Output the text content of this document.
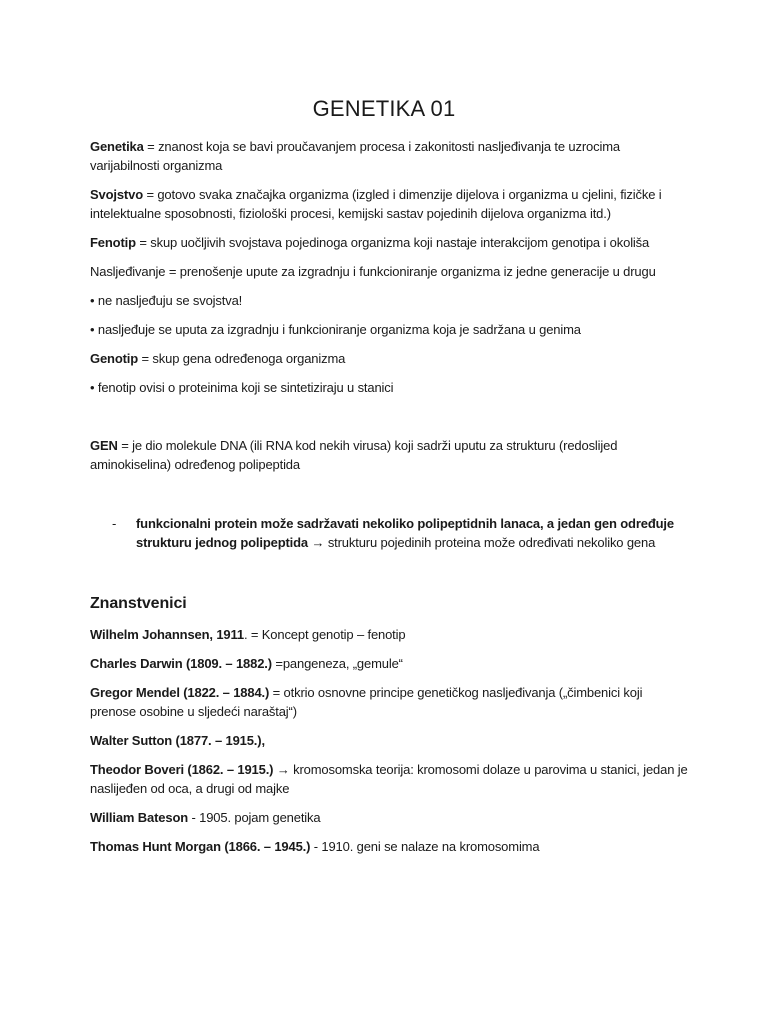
GENETIKA 01

Genetika = znanost koja se bavi proučavanjem procesa i zakonitosti nasljeđivanja te uzrocima varijabilnosti organizma

Svojstvo = gotovo svaka značajka organizma (izgled i dimenzije dijelova i organizma u cjelini, fizičke i intelektualne sposobnosti, fiziološki procesi, kemijski sastav pojedinih dijelova organizma itd.)

Fenotip = skup uočljivih svojstava pojedinoga organizma koji nastaje interakcijom genotipa i okoliša

Nasljeđivanje = prenošenje upute za izgradnju i funkcioniranje organizma iz jedne generacije u drugu

• ne nasljeđuju se svojstva!

• nasljeđuje se uputa za izgradnju i funkcioniranje organizma koja je sadržana u genima

Genotip = skup gena određenoga organizma

• fenotip ovisi o proteinima koji se sintetiziraju u stanici

GEN = je dio molekule DNA (ili RNA kod nekih virusa) koji sadrži uputu za strukturu (redoslijed aminokiselina) određenog polipeptida

- funkcionalni protein može sadržavati nekoliko polipeptidnih lanaca, a jedan gen određuje strukturu jednog polipeptida → strukturu pojedinih proteina može određivati nekoliko gena
Znanstvenici

Wilhelm Johannsen, 1911. = Koncept genotip – fenotip

Charles Darwin (1809. – 1882.) =pangeneza, „gemule“

Gregor Mendel (1822. – 1884.) = otkrio osnovne principe genetičkog nasljeđivanja („čimbenici koji prenose osobine u sljedeći naraštaj“)

Walter Sutton (1877. – 1915.),

Theodor Boveri (1862. – 1915.) → kromosomska teorija: kromosomi dolaze u parovima u stanici, jedan je naslijeđen od oca, a drugi od majke

William Bateson - 1905. pojam genetika

Thomas Hunt Morgan (1866. – 1945.) - 1910. geni se nalaze na kromosomima
